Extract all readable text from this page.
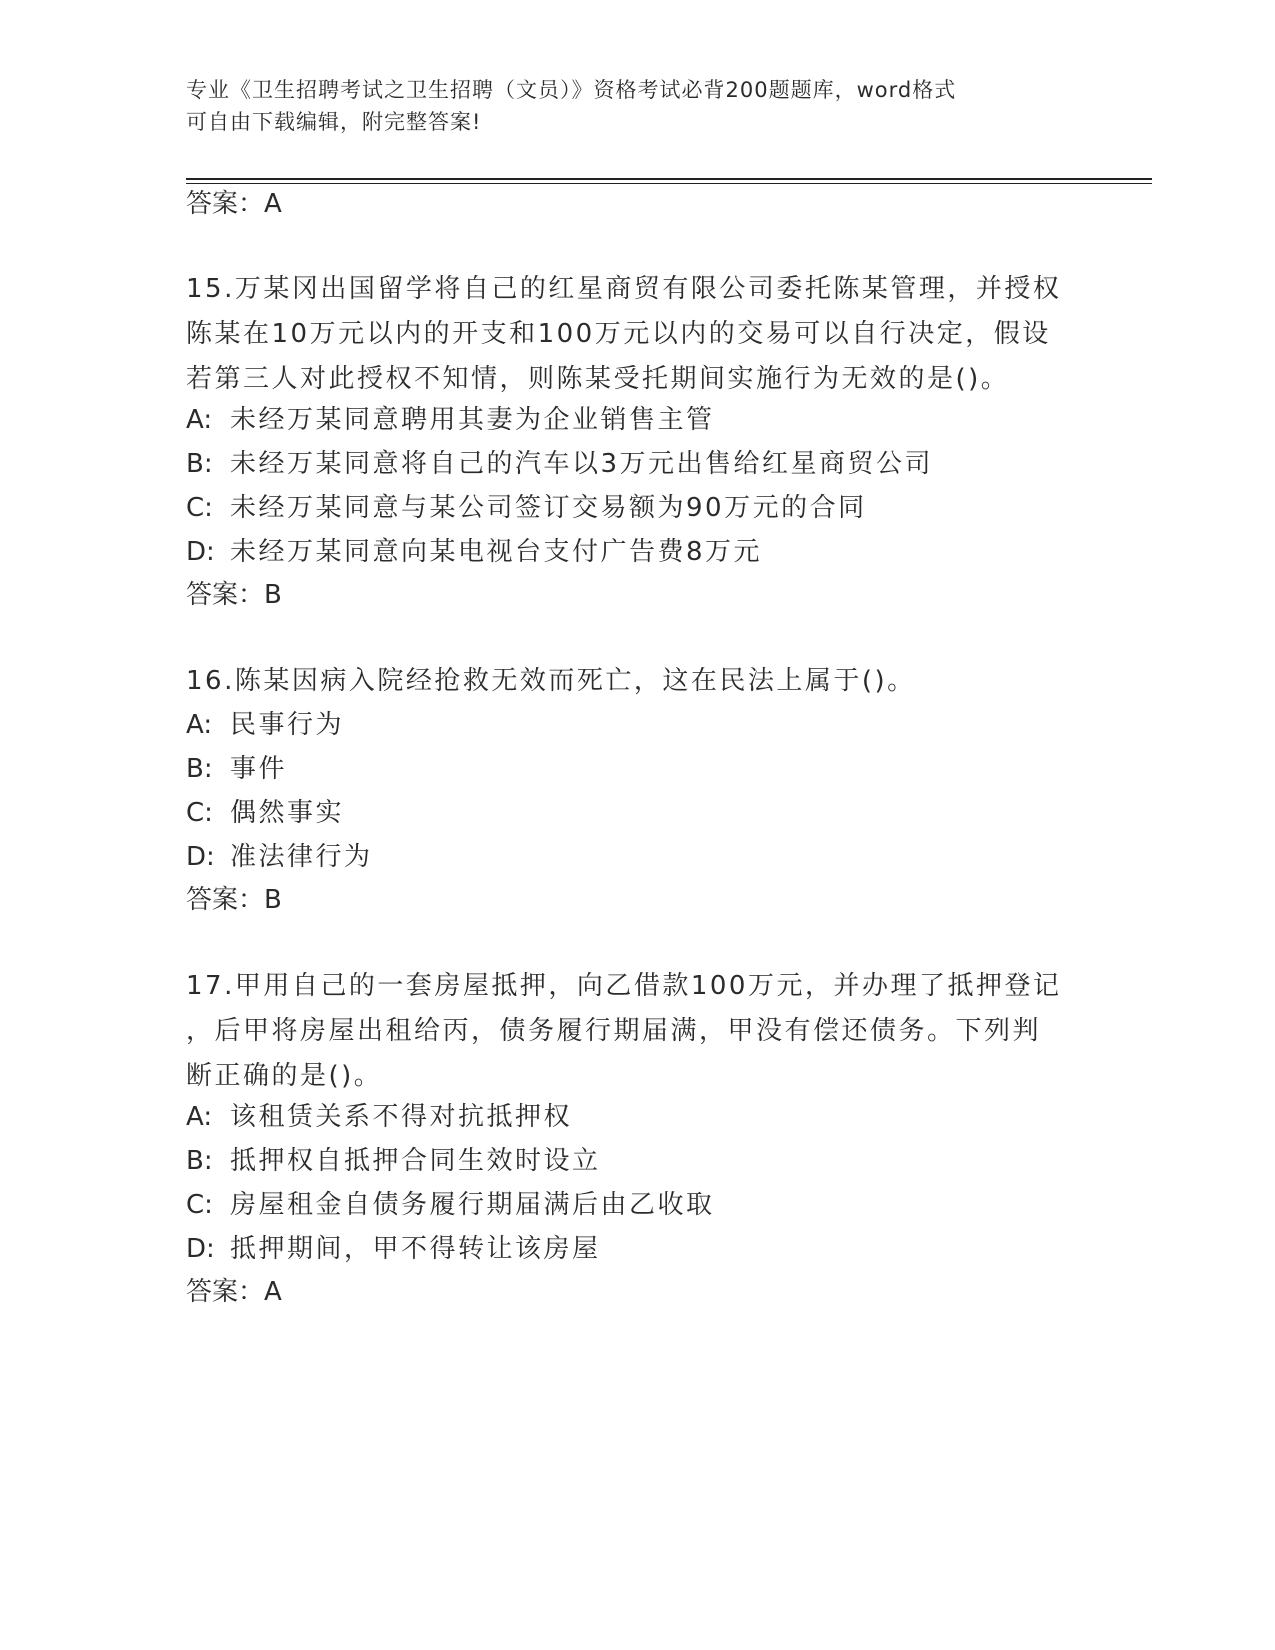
专业《卫生招聘考试之卫生招聘（文员）》资格考试必背200题题库，word格式
可自由下载编辑，附完整答案!
答案：A
15.万某冈出国留学将自己的红星商贸有限公司委托陈某管理，并授权
陈某在10万元以内的开支和100万元以内的交易可以自行决定，假设
若第三人对此授权不知情，则陈某受托期间实施行为无效的是()。
A: 未经万某同意聘用其妻为企业销售主管
B: 未经万某同意将自己的汽车以3万元出售给红星商贸公司
C: 未经万某同意与某公司签订交易额为90万元的合同
D: 未经万某同意向某电视台支付广告费8万元
答案：B
16.陈某因病入院经抢救无效而死亡，这在民法上属于()。
A: 民事行为
B: 事件
C: 偶然事实
D: 准法律行为
答案：B
17.甲用自己的一套房屋抵押，向乙借款100万元，并办理了抵押登记
，后甲将房屋出租给丙，债务履行期届满，甲没有偿还债务。下列判
断正确的是()。
A: 该租赁关系不得对抗抵押权
B: 抵押权自抵押合同生效时设立
C: 房屋租金自债务履行期届满后由乙收取
D: 抵押期间，甲不得转让该房屋
答案：A
